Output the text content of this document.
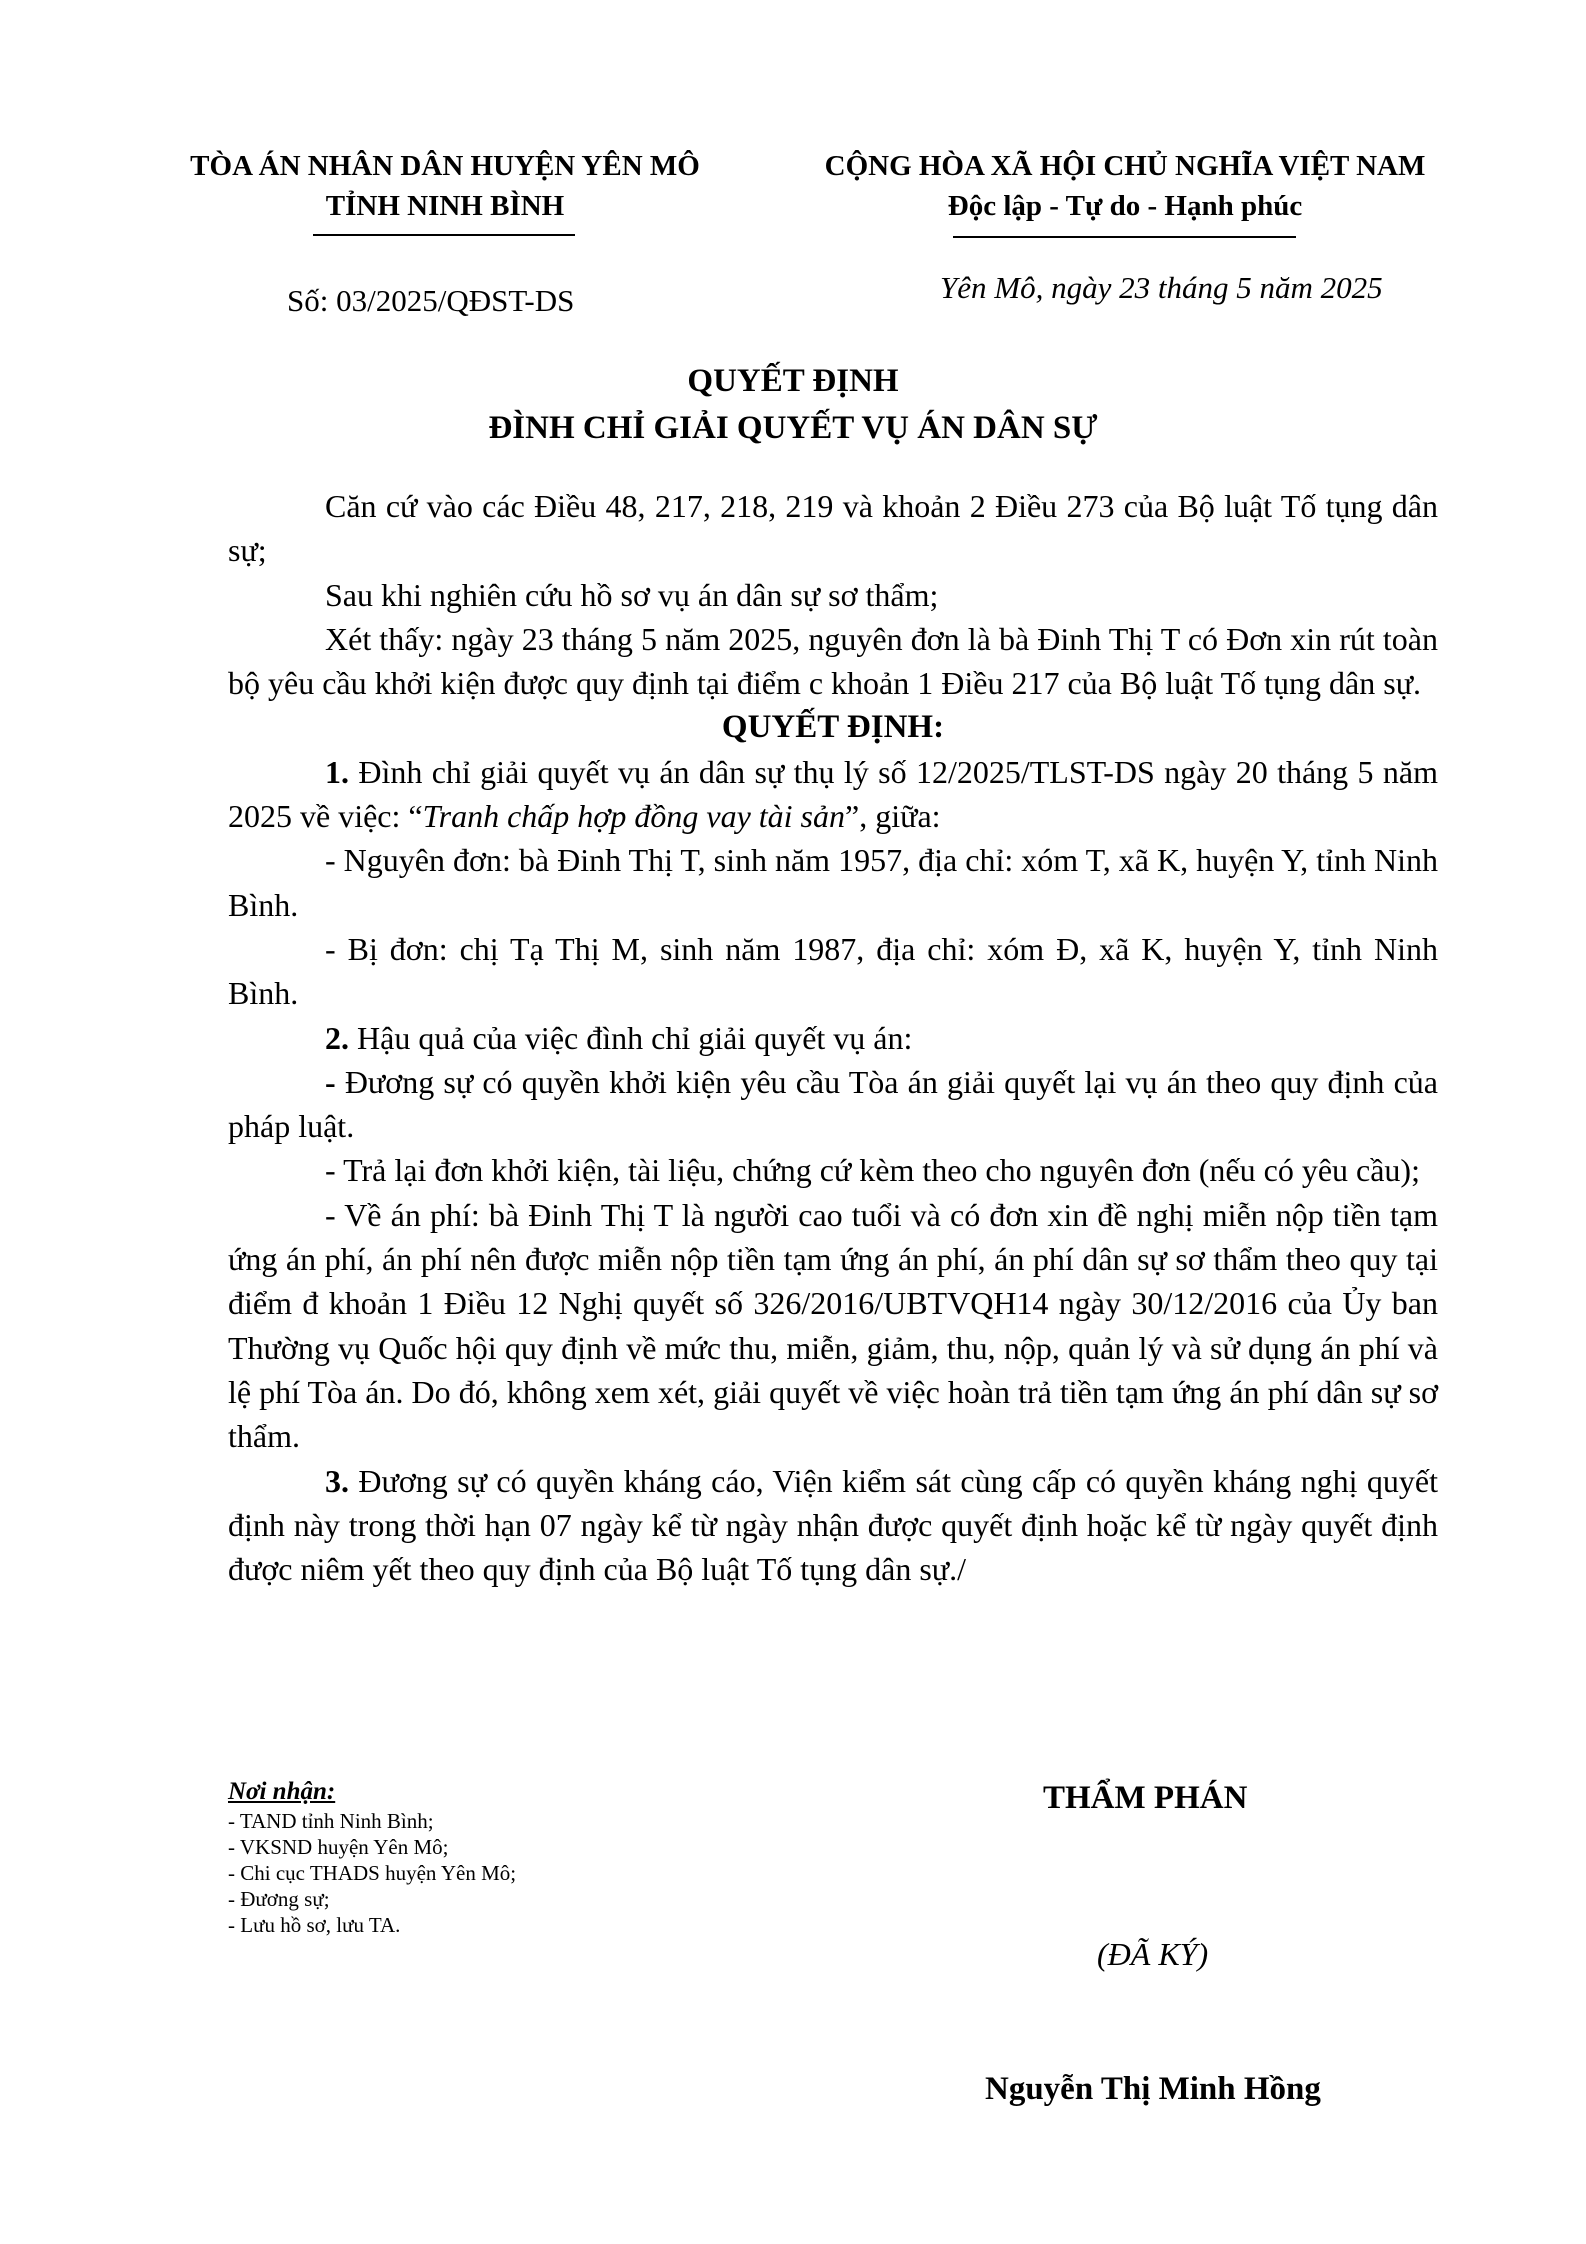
TÒA ÁN NHÂN DÂN HUYỆN YÊN MÔ
TỈNH NINH BÌNH
CỘNG HÒA XÃ HỘI CHỦ NGHĨA VIỆT NAM
Độc lập - Tự do - Hạnh phúc
Số: 03/2025/QĐST-DS	Yên Mô, ngày 23 tháng 5 năm 2025
QUYẾT ĐỊNH
ĐÌNH CHỈ GIẢI QUYẾT VỤ ÁN DÂN SỰ

Căn cứ vào các Điều 48, 217, 218, 219 và khoản 2 Điều 273 của Bộ luật Tố tụng dân sự;

Sau khi nghiên cứu hồ sơ vụ án dân sự sơ thẩm;

Xét thấy: ngày 23 tháng 5 năm 2025, nguyên đơn là bà Đinh Thị T có Đơn xin rút toàn bộ yêu cầu khởi kiện được quy định tại điểm c khoản 1 Điều 217 của Bộ luật Tố tụng dân sự.

QUYẾT ĐỊNH:

1. Đình chỉ giải quyết vụ án dân sự thụ lý số 12/2025/TLST-DS ngày 20 tháng 5 năm 2025 về việc: “Tranh chấp hợp đồng vay tài sản”, giữa:

- Nguyên đơn: bà Đinh Thị T, sinh năm 1957, địa chỉ: xóm T, xã K, huyện Y, tỉnh Ninh Bình.

- Bị đơn: chị Tạ Thị M, sinh năm 1987, địa chỉ: xóm Đ, xã K, huyện Y, tỉnh Ninh Bình.

2. Hậu quả của việc đình chỉ giải quyết vụ án:

- Đương sự có quyền khởi kiện yêu cầu Tòa án giải quyết lại vụ án theo quy định của pháp luật.

- Trả lại đơn khởi kiện, tài liệu, chứng cứ kèm theo cho nguyên đơn (nếu có yêu cầu);

- Về án phí: bà Đinh Thị T là người cao tuổi và có đơn xin đề nghị miễn nộp tiền tạm ứng án phí, án phí nên được miễn nộp tiền tạm ứng án phí, án phí dân sự sơ thẩm theo quy tại điểm đ khoản 1 Điều 12 Nghị quyết số 326/2016/UBTVQH14 ngày 30/12/2016 của Ủy ban Thường vụ Quốc hội quy định về mức thu, miễn, giảm, thu, nộp, quản lý và sử dụng án phí và lệ phí Tòa án. Do đó, không xem xét, giải quyết về việc hoàn trả tiền tạm ứng án phí dân sự sơ thẩm.

3. Đương sự có quyền kháng cáo, Viện kiểm sát cùng cấp có quyền kháng nghị quyết định này trong thời hạn 07 ngày kể từ ngày nhận được quyết định hoặc kể từ ngày quyết định được niêm yết theo quy định của Bộ luật Tố tụng dân sự./

Nơi nhận:
- TAND tỉnh Ninh Bình;
- VKSND huyện Yên Mô;
- Chi cục THADS huyện Yên Mô;
- Đương sự;
- Lưu hồ sơ, lưu TA.
THẨM PHÁN
(ĐÃ KÝ)
Nguyễn Thị Minh Hồng
